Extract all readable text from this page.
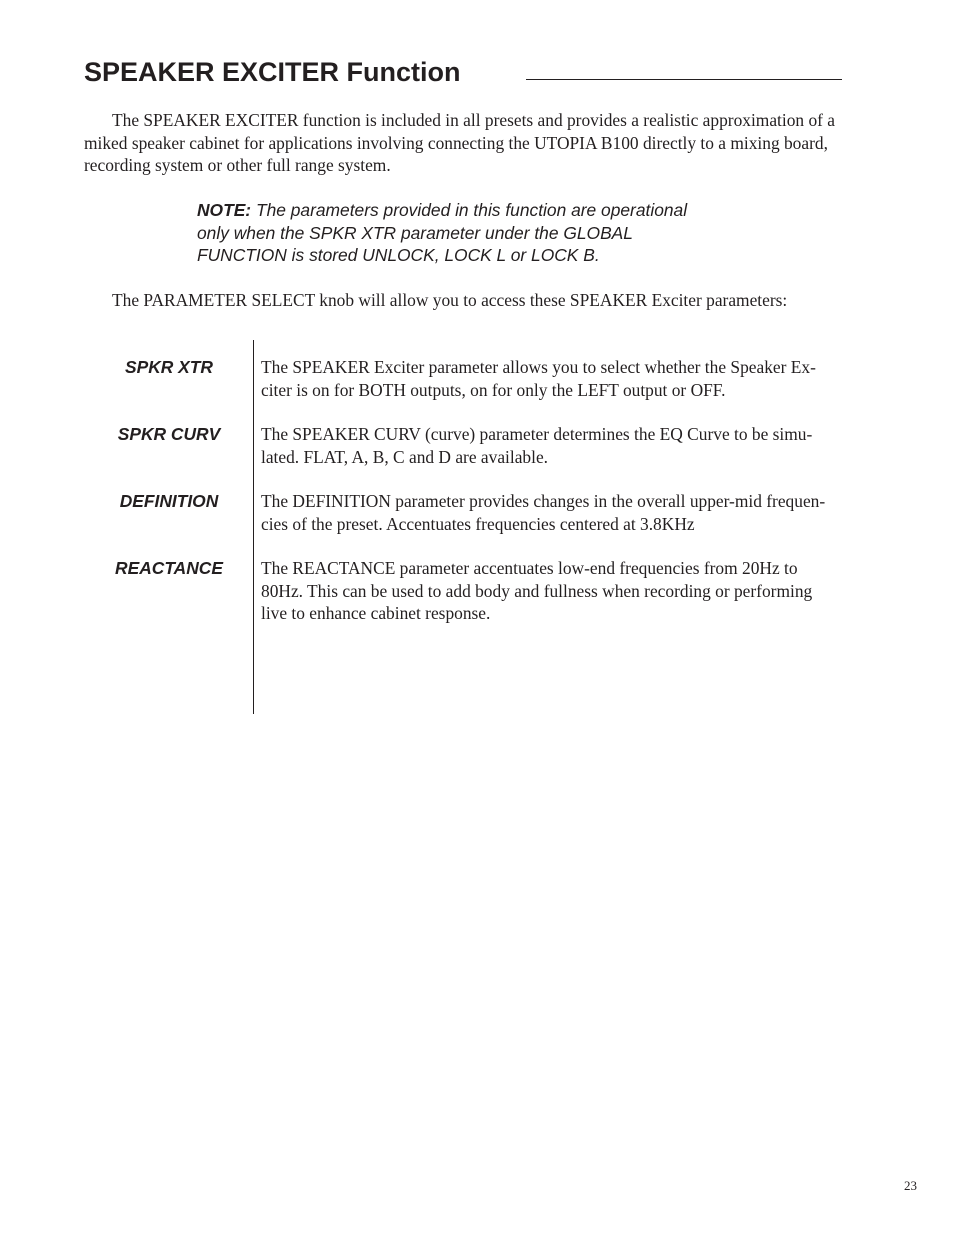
SPEAKER EXCITER Function

The SPEAKER EXCITER function is included in all presets and provides a realistic approximation of a miked speaker cabinet for applications involving connecting the UTOPIA B100 directly to a mixing board, recording system or other full range system.

NOTE: The parameters provided in this function are operational
only when the SPKR XTR parameter under the GLOBAL
FUNCTION is stored UNLOCK, LOCK L or LOCK B.

The PARAMETER SELECT knob will allow you to access these SPEAKER Exciter parameters:

SPKR XTR	The SPEAKER Exciter parameter allows you to select whether the Speaker Ex-
citer is on for BOTH outputs, on for only the LEFT output or OFF.

SPKR CURV	The SPEAKER CURV (curve) parameter determines the EQ Curve to be simu-
lated. FLAT, A, B, C and D are available.

DEFINITION	The DEFINITION parameter provides changes in the overall upper-mid frequen-
cies of the preset. Accentuates frequencies centered at 3.8KHz

REACTANCE	The REACTANCE parameter accentuates low-end frequencies from 20Hz to
80Hz. This can be used to add body and fullness when recording or performing
live to enhance cabinet response.

23
